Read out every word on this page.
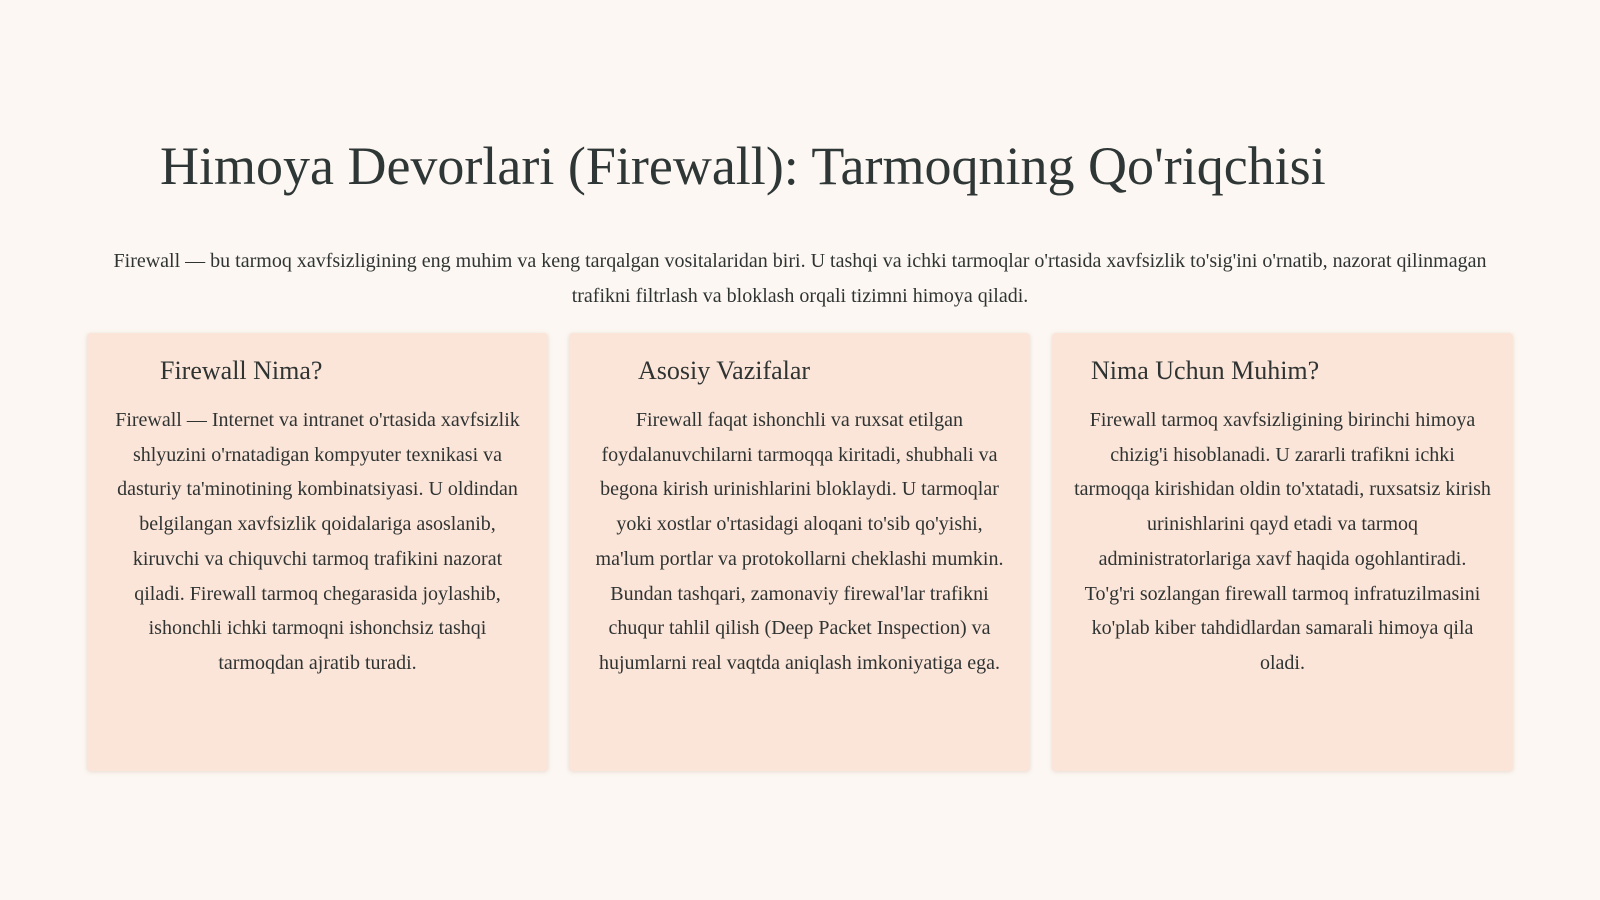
Himoya Devorlari (Firewall): Tarmoqning Qo'riqchisi

Firewall — bu tarmoq xavfsizligining eng muhim va keng tarqalgan vositalaridan biri. U tashqi va ichki tarmoqlar o'rtasida xavfsizlik to'sig'ini o'rnatib, nazorat qilinmagan trafikni filtrlash va bloklash orqali tizimni himoya qiladi.

Firewall Nima?

Firewall — Internet va intranet o'rtasida xavfsizlik shlyuzini o'rnatadigan kompyuter texnikasi va dasturiy ta'minotining kombinatsiyasi. U oldindan belgilangan xavfsizlik qoidalariga asoslanib, kiruvchi va chiquvchi tarmoq trafikini nazorat qiladi. Firewall tarmoq chegarasida joylashib, ishonchli ichki tarmoqni ishonchsiz tashqi tarmoqdan ajratib turadi.

Asosiy Vazifalar

Firewall faqat ishonchli va ruxsat etilgan foydalanuvchilarni tarmoqqa kiritadi, shubhali va begona kirish urinishlarini bloklaydi. U tarmoqlar yoki xostlar o'rtasidagi aloqani to'sib qo'yishi, ma'lum portlar va protokollarni cheklashi mumkin. Bundan tashqari, zamonaviy firewal'lar trafikni chuqur tahlil qilish (Deep Packet Inspection) va hujumlarni real vaqtda aniqlash imkoniyatiga ega.

Nima Uchun Muhim?

Firewall tarmoq xavfsizligining birinchi himoya chizig'i hisoblanadi. U zararli trafikni ichki tarmoqqa kirishidan oldin to'xtatadi, ruxsatsiz kirish urinishlarini qayd etadi va tarmoq administratorlariga xavf haqida ogohlantiradi. To'g'ri sozlangan firewall tarmoq infratuzilmasini ko'plab kiber tahdidlardan samarali himoya qila oladi.
